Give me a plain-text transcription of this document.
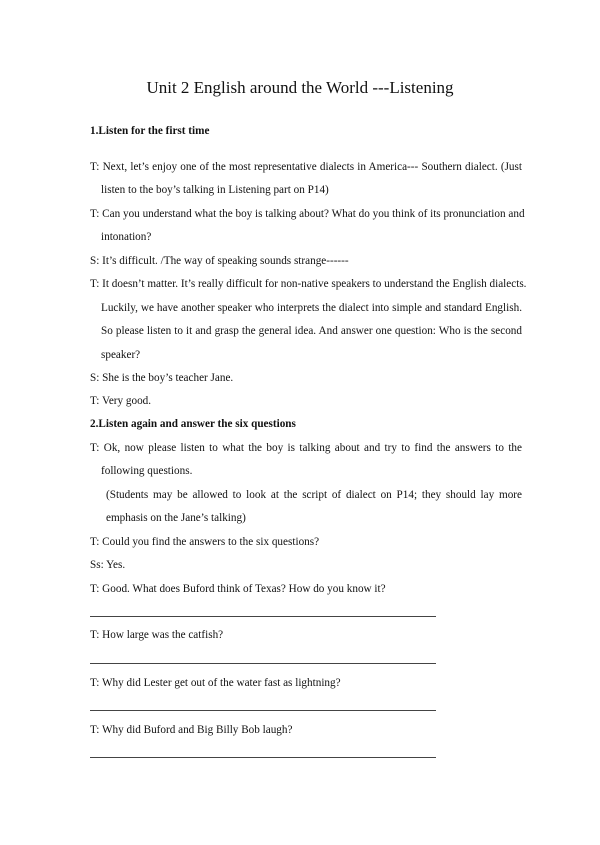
Unit 2 English around the World ---Listening
1.Listen for the first time
T: Next, let’s enjoy one of the most representative dialects in America--- Southern dialect. (Just
listen to the boy’s talking in Listening part on P14)
T: Can you understand what the boy is talking about? What do you think of its pronunciation and
intonation?
S: It’s difficult. /The way of speaking sounds strange------
T: It doesn’t matter. It’s really difficult for non-native speakers to understand the English dialects.
Luckily, we have another speaker who interprets the dialect into simple and standard English.
So please listen to it and grasp the general idea. And answer one question: Who is the second
speaker?
S: She is the boy’s teacher Jane.
T: Very good.
2.Listen again and answer the six questions
T: Ok, now please listen to what the boy is talking about and try to find the answers to the
following questions.
(Students may be allowed to look at the script of dialect on P14; they should lay more
emphasis on the Jane’s talking)
T: Could you find the answers to the six questions?
Ss: Yes.
T: Good. What does Buford think of Texas? How do you know it?
T: How large was the catfish?
T: Why did Lester get out of the water fast as lightning?
T: Why did Buford and Big Billy Bob laugh?
